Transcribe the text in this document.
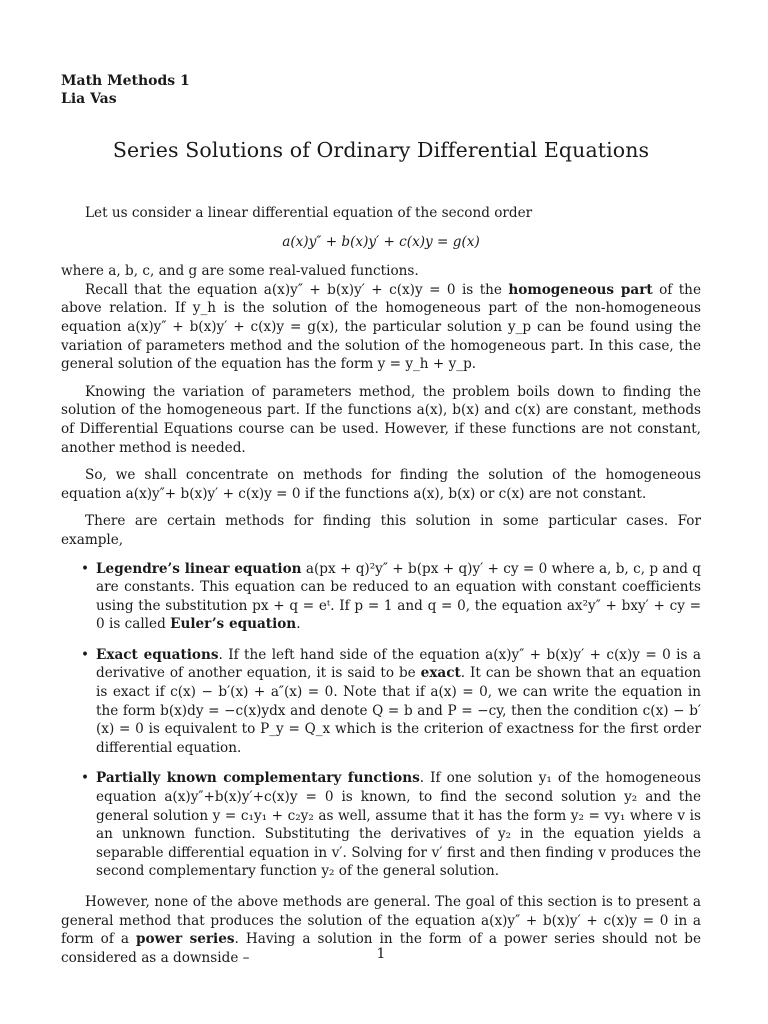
Math Methods 1
Lia Vas
Series Solutions of Ordinary Differential Equations

Let us consider a linear differential equation of the second order

a(x)y″ + b(x)y′ + c(x)y = g(x)

where a, b, c, and g are some real-valued functions.

Recall that the equation a(x)y″ + b(x)y′ + c(x)y = 0 is the homogeneous part of the above relation. If y_h is the solution of the homogeneous part of the non-homogeneous equation a(x)y″ + b(x)y′ + c(x)y = g(x), the particular solution y_p can be found using the variation of parameters method and the solution of the homogeneous part. In this case, the general solution of the equation has the form y = y_h + y_p.

Knowing the variation of parameters method, the problem boils down to finding the solution of the homogeneous part. If the functions a(x), b(x) and c(x) are constant, methods of Differential Equations course can be used. However, if these functions are not constant, another method is needed.

So, we shall concentrate on methods for finding the solution of the homogeneous equation a(x)y″+ b(x)y′ + c(x)y = 0 if the functions a(x), b(x) or c(x) are not constant.

There are certain methods for finding this solution in some particular cases. For example,

• Legendre’s linear equation a(px + q)²y″ + b(px + q)y′ + cy = 0 where a, b, c, p and q are constants. This equation can be reduced to an equation with constant coefficients using the substitution px + q = eᵗ. If p = 1 and q = 0, the equation ax²y″ + bxy′ + cy = 0 is called Euler’s equation.
• Exact equations. If the left hand side of the equation a(x)y″ + b(x)y′ + c(x)y = 0 is a derivative of another equation, it is said to be exact. It can be shown that an equation is exact if c(x) − b′(x) + a″(x) = 0. Note that if a(x) = 0, we can write the equation in the form b(x)dy = −c(x)ydx and denote Q = b and P = −cy, then the condition c(x) − b′(x) = 0 is equivalent to P_y = Q_x which is the criterion of exactness for the first order differential equation.
• Partially known complementary functions. If one solution y₁ of the homogeneous equation a(x)y″+b(x)y′+c(x)y = 0 is known, to find the second solution y₂ and the general solution y = c₁y₁ + c₂y₂ as well, assume that it has the form y₂ = vy₁ where v is an unknown function. Substituting the derivatives of y₂ in the equation yields a separable differential equation in v′. Solving for v′ first and then finding v produces the second complementary function y₂ of the general solution.

However, none of the above methods are general. The goal of this section is to present a general method that produces the solution of the equation a(x)y″ + b(x)y′ + c(x)y = 0 in a form of a power series. Having a solution in the form of a power series should not be considered as a downside –	1
